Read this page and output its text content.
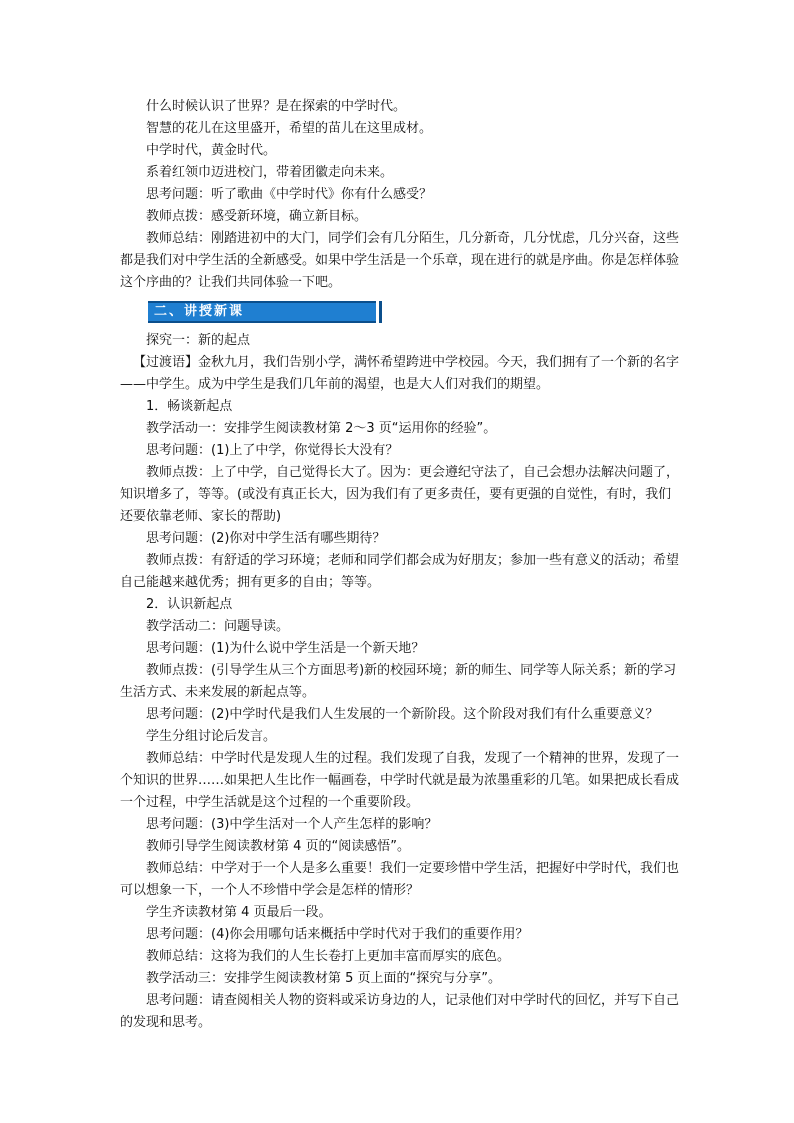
什么时候认识了世界？是在探索的中学时代。

智慧的花儿在这里盛开，希望的苗儿在这里成材。

中学时代，黄金时代。

系着红领巾迈进校门，带着团徽走向未来。

思考问题：听了歌曲《中学时代》你有什么感受？

教师点拨：感受新环境，确立新目标。

教师总结：刚踏进初中的大门，同学们会有几分陌生，几分新奇，几分忧虑，几分兴奋，这些都是我们对中学生活的全新感受。如果中学生活是一个乐章，现在进行的就是序曲。你是怎样体验这个序曲的？让我们共同体验一下吧。

二、讲授新课

探究一：新的起点

【过渡语】金秋九月，我们告别小学，满怀希望跨进中学校园。今天，我们拥有了一个新的名字——中学生。成为中学生是我们几年前的渴望，也是大人们对我们的期望。

1．畅谈新起点

教学活动一：安排学生阅读教材第 2～3 页“运用你的经验”。

思考问题：(1)上了中学，你觉得长大没有？

教师点拨：上了中学，自己觉得长大了。因为：更会遵纪守法了，自己会想办法解决问题了，知识增多了，等等。(或没有真正长大，因为我们有了更多责任，要有更强的自觉性，有时，我们还要依靠老师、家长的帮助)

思考问题：(2)你对中学生活有哪些期待？

教师点拨：有舒适的学习环境；老师和同学们都会成为好朋友；参加一些有意义的活动；希望自己能越来越优秀；拥有更多的自由；等等。

2．认识新起点

教学活动二：问题导读。

思考问题：(1)为什么说中学生活是一个新天地？

教师点拨：(引导学生从三个方面思考)新的校园环境；新的师生、同学等人际关系；新的学习生活方式、未来发展的新起点等。

思考问题：(2)中学时代是我们人生发展的一个新阶段。这个阶段对我们有什么重要意义？

学生分组讨论后发言。

教师总结：中学时代是发现人生的过程。我们发现了自我，发现了一个精神的世界，发现了一个知识的世界……如果把人生比作一幅画卷，中学时代就是最为浓墨重彩的几笔。如果把成长看成一个过程，中学生活就是这个过程的一个重要阶段。

思考问题：(3)中学生活对一个人产生怎样的影响？

教师引导学生阅读教材第 4 页的“阅读感悟”。

教师总结：中学对于一个人是多么重要！我们一定要珍惜中学生活，把握好中学时代，我们也可以想象一下，一个人不珍惜中学会是怎样的情形？

学生齐读教材第 4 页最后一段。

思考问题：(4)你会用哪句话来概括中学时代对于我们的重要作用？

教师总结：这将为我们的人生长卷打上更加丰富而厚实的底色。

教学活动三：安排学生阅读教材第 5 页上面的“探究与分享”。

思考问题：请查阅相关人物的资料或采访身边的人，记录他们对中学时代的回忆，并写下自己的发现和思考。
